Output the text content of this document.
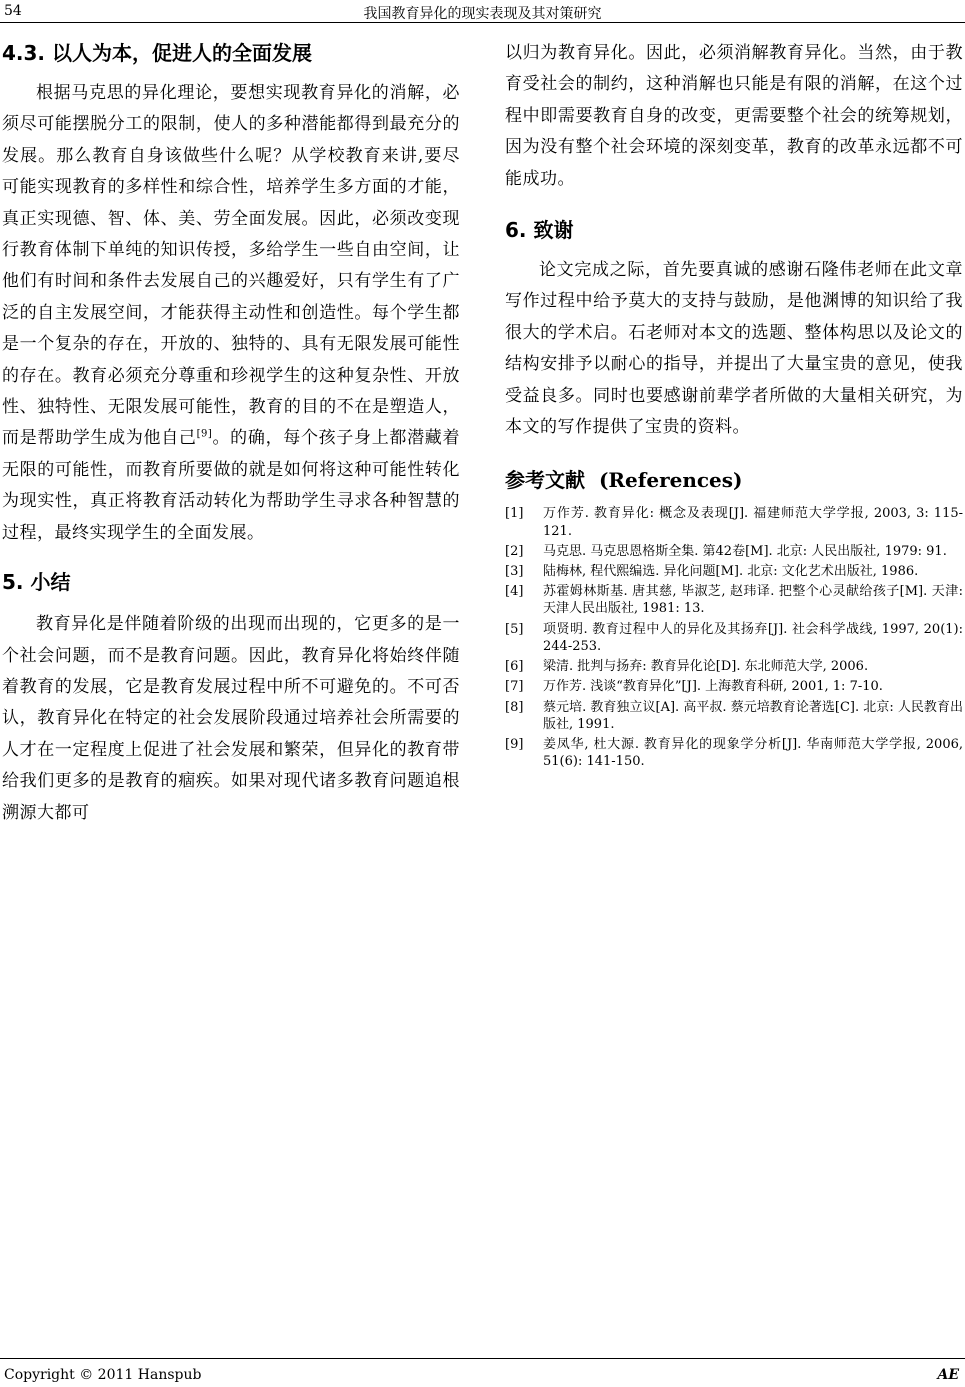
54	我国教育异化的现实表现及其对策研究
4.3. 以人为本，促进人的全面发展

根据马克思的异化理论，要想实现教育异化的消解，必须尽可能摆脱分工的限制，使人的多种潜能都得到最充分的发展。那么教育自身该做些什么呢？从学校教育来讲,要尽可能实现教育的多样性和综合性，培养学生多方面的才能，真正实现德、智、体、美、劳全面发展。因此，必须改变现行教育体制下单纯的知识传授，多给学生一些自由空间，让他们有时间和条件去发展自己的兴趣爱好，只有学生有了广泛的自主发展空间，才能获得主动性和创造性。每个学生都是一个复杂的存在，开放的、独特的、具有无限发展可能性的存在。教育必须充分尊重和珍视学生的这种复杂性、开放性、独特性、无限发展可能性，教育的目的不在是塑造人，而是帮助学生成为他自己[9]。的确，每个孩子身上都潜藏着无限的可能性，而教育所要做的就是如何将这种可能性转化为现实性，真正将教育活动转化为帮助学生寻求各种智慧的过程，最终实现学生的全面发展。

5. 小结

教育异化是伴随着阶级的出现而出现的，它更多的是一个社会问题，而不是教育问题。因此，教育异化将始终伴随着教育的发展，它是教育发展过程中所不可避免的。不可否认，教育异化在特定的社会发展阶段通过培养社会所需要的人才在一定程度上促进了社会发展和繁荣，但异化的教育带给我们更多的是教育的痼疾。如果对现代诸多教育问题追根溯源大都可

以归为教育异化。因此，必须消解教育异化。当然，由于教育受社会的制约，这种消解也只能是有限的消解，在这个过程中即需要教育自身的改变，更需要整个社会的统筹规划，因为没有整个社会环境的深刻变革，教育的改革永远都不可能成功。

6. 致谢

论文完成之际，首先要真诚的感谢石隆伟老师在此文章写作过程中给予莫大的支持与鼓励，是他渊博的知识给了我很大的学术启。石老师对本文的选题、整体构思以及论文的结构安排予以耐心的指导，并提出了大量宝贵的意见，使我受益良多。同时也要感谢前辈学者所做的大量相关研究，为本文的写作提供了宝贵的资料。

参考文献 (References)
[1] 万作芳. 教育异化: 概念及表现[J]. 福建师范大学学报, 2003, 3: 115-121.
[2] 马克思. 马克思恩格斯全集. 第42卷[M]. 北京: 人民出版社, 1979: 91.
[3] 陆梅林, 程代熙编选. 异化问题[M]. 北京: 文化艺术出版社, 1986.
[4] 苏霍姆林斯基. 唐其慈, 毕淑芝, 赵玮译. 把整个心灵献给孩子[M]. 天津: 天津人民出版社, 1981: 13.
[5] 项贤明. 教育过程中人的异化及其扬弃[J]. 社会科学战线, 1997, 20(1): 244-253.
[6] 梁清. 批判与扬弃: 教育异化论[D]. 东北师范大学, 2006.
[7] 万作芳. 浅谈“教育异化”[J]. 上海教育科研, 2001, 1: 7-10.
[8] 蔡元培. 教育独立议[A]. 高平叔. 蔡元培教育论著选[C]. 北京: 人民教育出版社, 1991.
[9] 姜凤华, 杜大源. 教育异化的现象学分析[J]. 华南师范大学学报, 2006, 51(6): 141-150.
Copyright © 2011 Hanspub	AE
